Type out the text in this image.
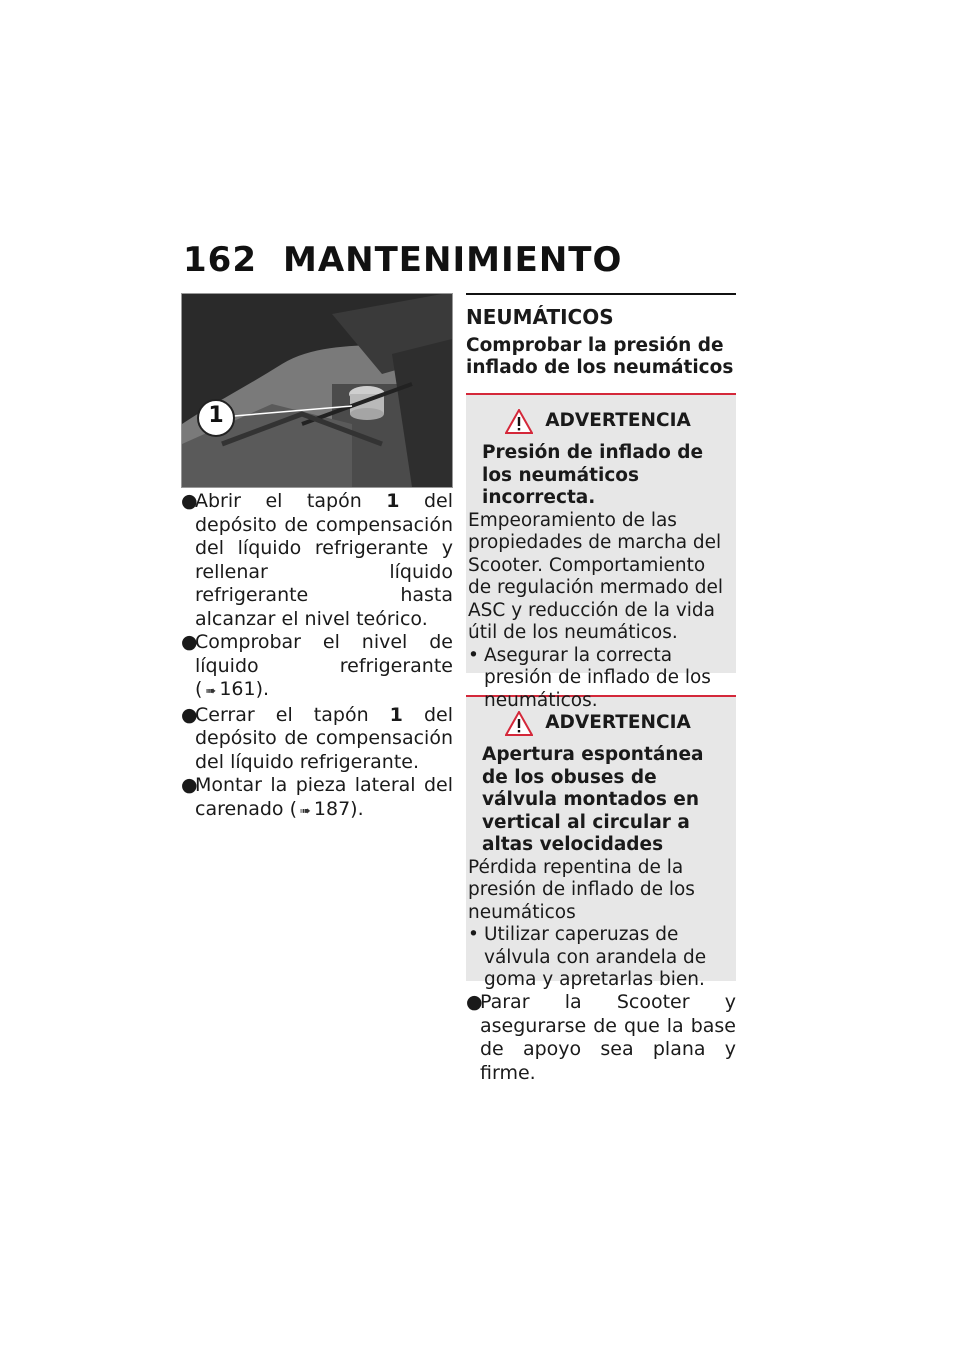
162 MANTENIMIENTO
1
●
Abrir el tapón 1 del depósito de compensación del líquido refrigerante y rellenar líquido refrigerante hasta alcanzar el nivel teórico.
●
Comprobar el nivel de líquido refrigerante ( ➠ 161).
●
Cerrar el tapón 1 del depósito de compensación del líquido refrigerante.
●
Montar la pieza lateral del carenado ( ➠ 187).
NEUMÁTICOS
Comprobar la presión de inflado de los neumáticos
ADVERTENCIA
Presión de inflado de los neumáticos incorrecta.
Empeoramiento de las propiedades de marcha del Scooter. Comportamiento de regulación mermado del ASC y reducción de la vida útil de los neumáticos.
• Asegurar la correcta presión de inflado de los neumáticos.
ADVERTENCIA
Apertura espontánea de los obuses de válvula montados en vertical al circular a altas velocidades
Pérdida repentina de la presión de inflado de los neumáticos
• Utilizar caperuzas de válvula con arandela de goma y apretarlas bien.
●
Parar la Scooter y asegurarse de que la base de apoyo sea plana y firme.
